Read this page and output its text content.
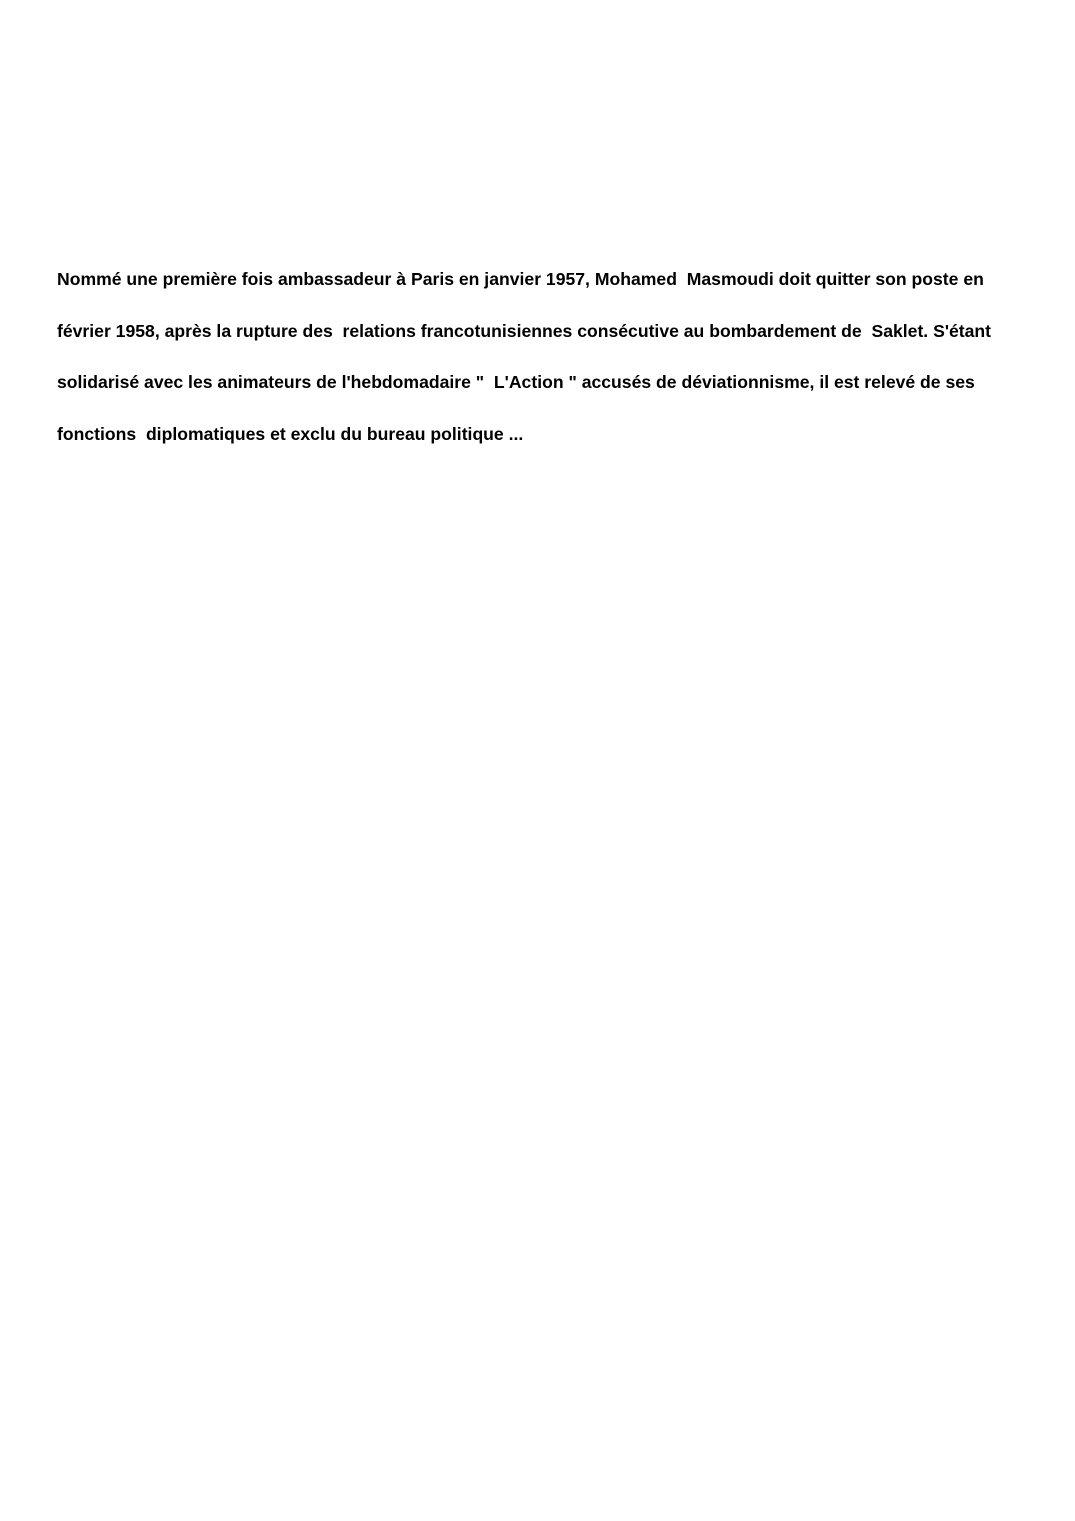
Nommé une première fois ambassadeur à Paris en janvier 1957, Mohamed  Masmoudi doit quitter son poste en
février 1958, après la rupture des  relations francotunisiennes consécutive au bombardement de  Saklet. S'étant
solidarisé avec les animateurs de l'hebdomadaire "  L'Action " accusés de déviationnisme, il est relevé de ses
fonctions  diplomatiques et exclu du bureau politique ...
